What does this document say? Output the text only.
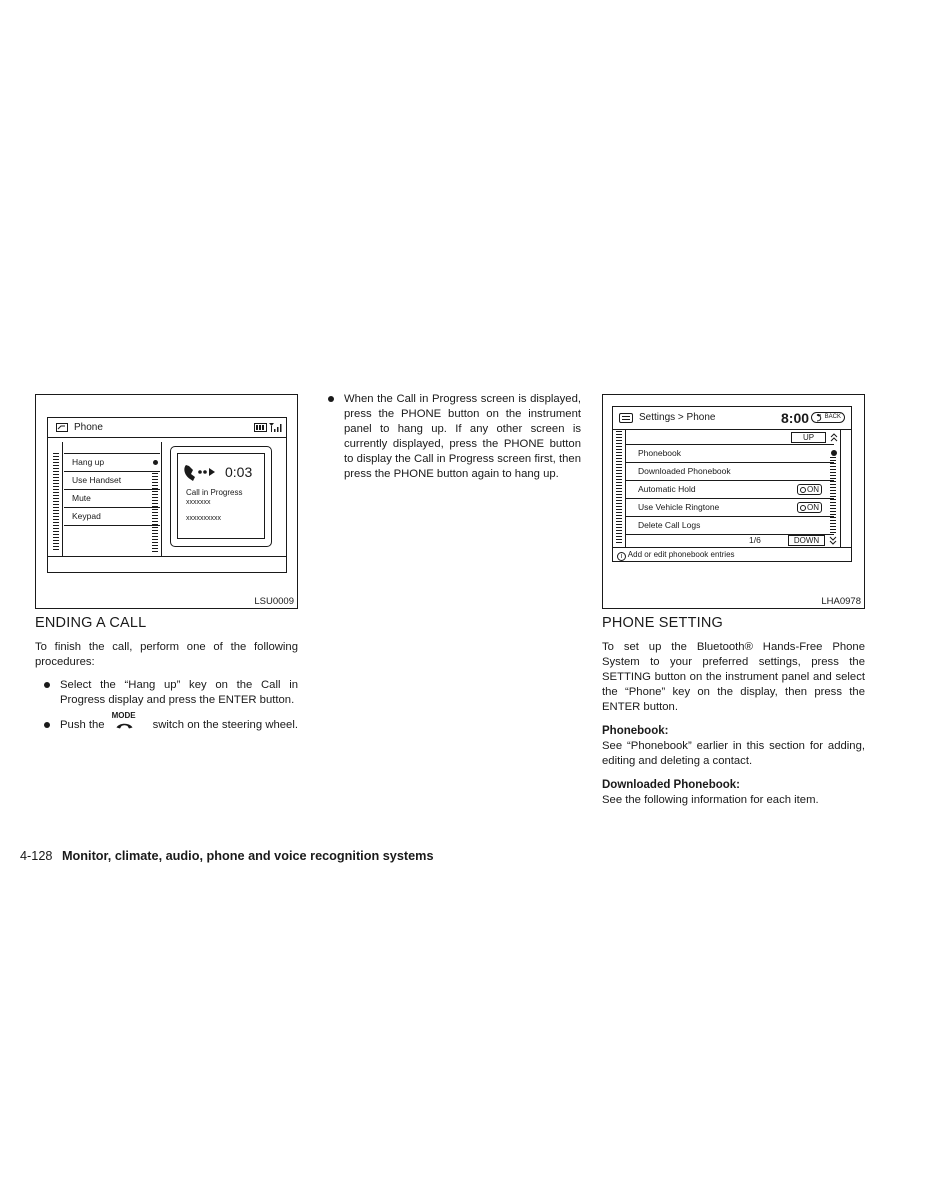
Phone
Hang up
Use Handset
Mute
Keypad
0:03
Call in Progress
xxxxxxx
xxxxxxxxxx
LSU0009
Settings > Phone	8:00	BACK
UP
Phonebook
Downloaded Phonebook
Automatic Hold	ON
Use Vehicle Ringtone	ON
Delete Call Logs
1/6	DOWN
i Add or edit phonebook entries
LHA0978
ENDING A CALL

To finish the call, perform one of the following procedures:

Select the “Hang up” key on the Call in Progress display and press the ENTER button.
Push the
MODE
switch on the steering wheel.
When the Call in Progress screen is displayed, press the PHONE button on the instrument panel to hang up. If any other screen is currently displayed, press the PHONE button to display the Call in Progress screen first, then press the PHONE button again to hang up.
PHONE SETTING

To set up the Bluetooth® Hands-Free Phone System to your preferred settings, press the SETTING button on the instrument panel and select the “Phone” key on the display, then press the ENTER button.

Phonebook:

See “Phonebook” earlier in this section for adding, editing and deleting a contact.

Downloaded Phonebook:

See the following information for each item.

4-128 Monitor, climate, audio, phone and voice recognition systems
